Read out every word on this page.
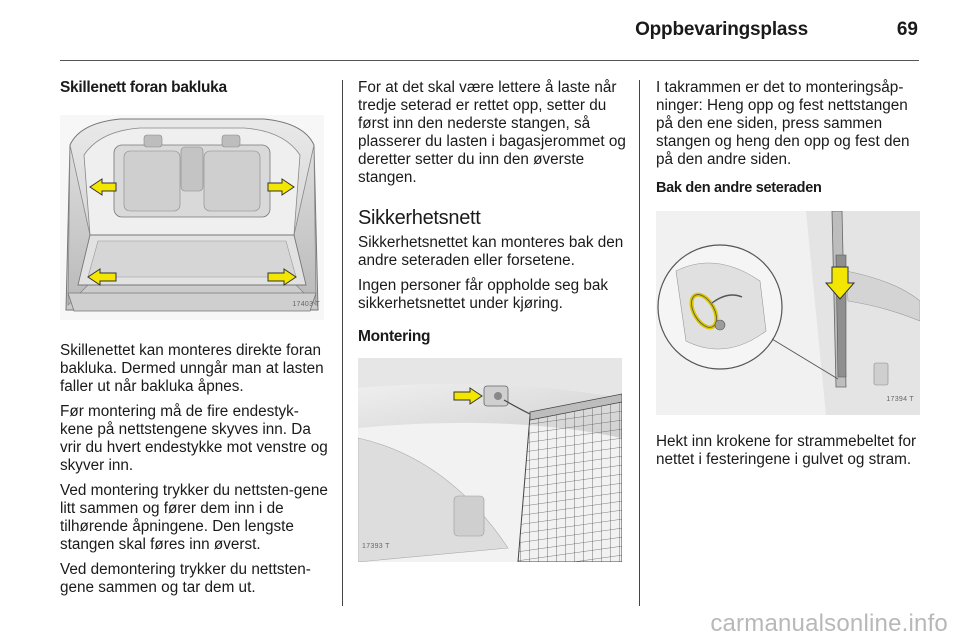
Oppbevaringsplass	69
Skillenett foran bakluka
17403 T

Skillenettet kan monteres direkte foran bakluka. Dermed unngår man at lasten faller ut når bakluka åpnes.

Før montering må de fire endestyk-kene på nettstengene skyves inn. Da vrir du hvert endestykke mot venstre og skyver inn.

Ved montering trykker du nettsten-gene litt sammen og fører dem inn i de tilhørende åpningene. Den lengste stangen skal føres inn øverst.

Ved demontering trykker du nettsten-gene sammen og tar dem ut.

For at det skal være lettere å laste når tredje seterad er rettet opp, setter du først inn den nederste stangen, så plasserer du lasten i bagasjerommet og deretter setter du inn den øverste stangen.

Sikkerhetsnett

Sikkerhetsnettet kan monteres bak den andre seteraden eller forsetene.

Ingen personer får oppholde seg bak sikkerhetsnettet under kjøring.

Montering
17393 T

I takrammen er det to monteringsåp-ninger: Heng opp og fest nettstangen på den ene siden, press sammen stangen og heng den opp og fest den på den andre siden.

Bak den andre seteraden
17394 T

Hekt inn krokene for strammebeltet for nettet i festeringene i gulvet og stram.

carmanualsonline.info
